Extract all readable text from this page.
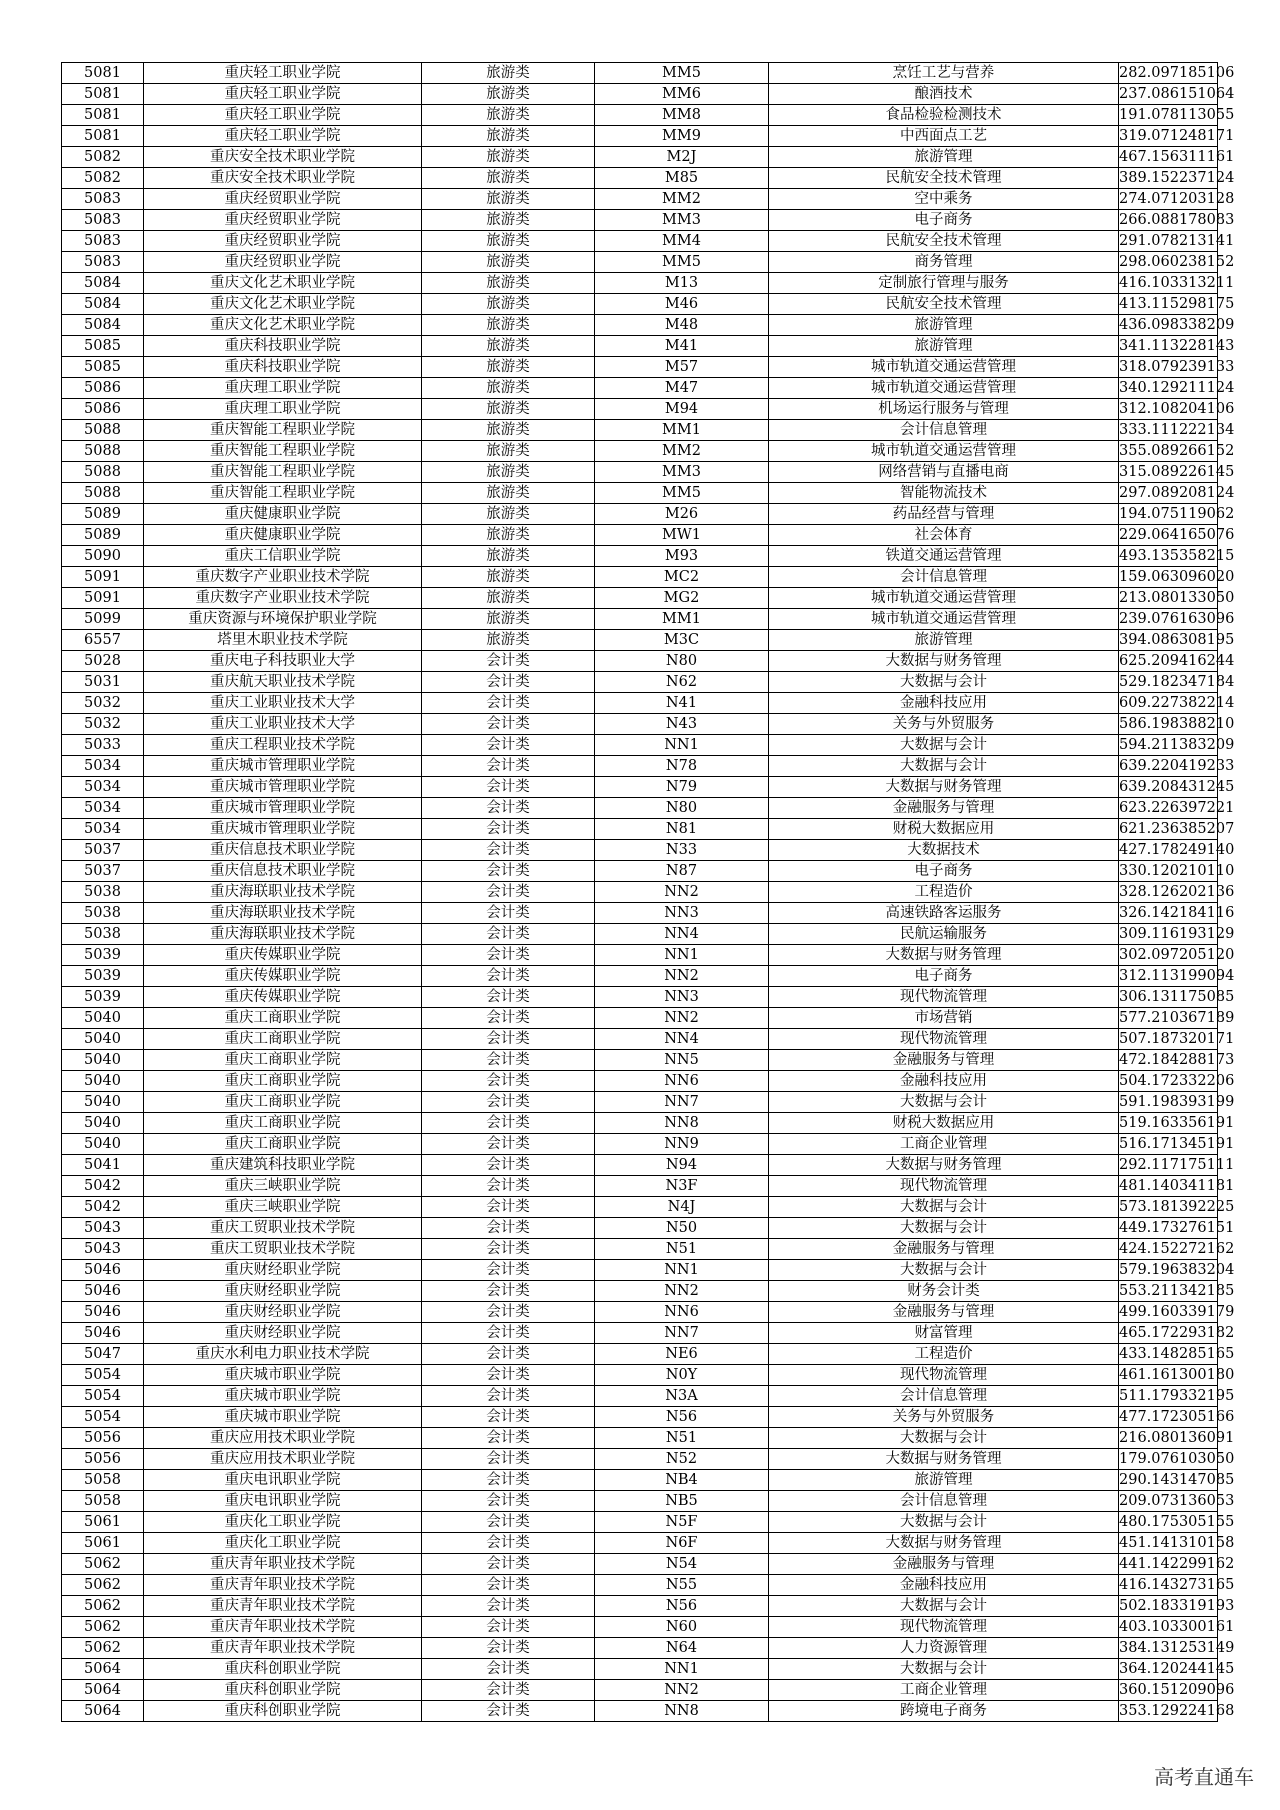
5081	重庆轻工职业学院	旅游类	MM5	烹饪工艺与营养	282.097185106
5081	重庆轻工职业学院	旅游类	MM6	酿酒技术	237.086151064
5081	重庆轻工职业学院	旅游类	MM8	食品检验检测技术	191.078113055
5081	重庆轻工职业学院	旅游类	MM9	中西面点工艺	319.071248171
5082	重庆安全技术职业学院	旅游类	M2J	旅游管理	467.156311161
5082	重庆安全技术职业学院	旅游类	M85	民航安全技术管理	389.152237124
5083	重庆经贸职业学院	旅游类	MM2	空中乘务	274.071203128
5083	重庆经贸职业学院	旅游类	MM3	电子商务	266.088178083
5083	重庆经贸职业学院	旅游类	MM4	民航安全技术管理	291.078213141
5083	重庆经贸职业学院	旅游类	MM5	商务管理	298.060238152
5084	重庆文化艺术职业学院	旅游类	M13	定制旅行管理与服务	416.103313211
5084	重庆文化艺术职业学院	旅游类	M46	民航安全技术管理	413.115298175
5084	重庆文化艺术职业学院	旅游类	M48	旅游管理	436.098338209
5085	重庆科技职业学院	旅游类	M41	旅游管理	341.113228143
5085	重庆科技职业学院	旅游类	M57	城市轨道交通运营管理	318.079239133
5086	重庆理工职业学院	旅游类	M47	城市轨道交通运营管理	340.129211124
5086	重庆理工职业学院	旅游类	M94	机场运行服务与管理	312.108204106
5088	重庆智能工程职业学院	旅游类	MM1	会计信息管理	333.111222134
5088	重庆智能工程职业学院	旅游类	MM2	城市轨道交通运营管理	355.089266152
5088	重庆智能工程职业学院	旅游类	MM3	网络营销与直播电商	315.089226145
5088	重庆智能工程职业学院	旅游类	MM5	智能物流技术	297.089208124
5089	重庆健康职业学院	旅游类	M26	药品经营与管理	194.075119062
5089	重庆健康职业学院	旅游类	MW1	社会体育	229.064165076
5090	重庆工信职业学院	旅游类	M93	铁道交通运营管理	493.135358215
5091	重庆数字产业职业技术学院	旅游类	MC2	会计信息管理	159.063096020
5091	重庆数字产业职业技术学院	旅游类	MG2	城市轨道交通运营管理	213.080133050
5099	重庆资源与环境保护职业学院	旅游类	MM1	城市轨道交通运营管理	239.076163096
6557	塔里木职业技术学院	旅游类	M3C	旅游管理	394.086308195
5028	重庆电子科技职业大学	会计类	N80	大数据与财务管理	625.209416244
5031	重庆航天职业技术学院	会计类	N62	大数据与会计	529.182347184
5032	重庆工业职业技术大学	会计类	N41	金融科技应用	609.227382214
5032	重庆工业职业技术大学	会计类	N43	关务与外贸服务	586.198388210
5033	重庆工程职业技术学院	会计类	NN1	大数据与会计	594.211383209
5034	重庆城市管理职业学院	会计类	N78	大数据与会计	639.220419233
5034	重庆城市管理职业学院	会计类	N79	大数据与财务管理	639.208431245
5034	重庆城市管理职业学院	会计类	N80	金融服务与管理	623.226397221
5034	重庆城市管理职业学院	会计类	N81	财税大数据应用	621.236385207
5037	重庆信息技术职业学院	会计类	N33	大数据技术	427.178249140
5037	重庆信息技术职业学院	会计类	N87	电子商务	330.120210110
5038	重庆海联职业技术学院	会计类	NN2	工程造价	328.126202136
5038	重庆海联职业技术学院	会计类	NN3	高速铁路客运服务	326.142184116
5038	重庆海联职业技术学院	会计类	NN4	民航运输服务	309.116193129
5039	重庆传媒职业学院	会计类	NN1	大数据与财务管理	302.097205120
5039	重庆传媒职业学院	会计类	NN2	电子商务	312.113199094
5039	重庆传媒职业学院	会计类	NN3	现代物流管理	306.131175085
5040	重庆工商职业学院	会计类	NN2	市场营销	577.210367189
5040	重庆工商职业学院	会计类	NN4	现代物流管理	507.187320171
5040	重庆工商职业学院	会计类	NN5	金融服务与管理	472.184288173
5040	重庆工商职业学院	会计类	NN6	金融科技应用	504.172332206
5040	重庆工商职业学院	会计类	NN7	大数据与会计	591.198393199
5040	重庆工商职业学院	会计类	NN8	财税大数据应用	519.163356191
5040	重庆工商职业学院	会计类	NN9	工商企业管理	516.171345191
5041	重庆建筑科技职业学院	会计类	N94	大数据与财务管理	292.117175111
5042	重庆三峡职业学院	会计类	N3F	现代物流管理	481.140341181
5042	重庆三峡职业学院	会计类	N4J	大数据与会计	573.181392225
5043	重庆工贸职业技术学院	会计类	N50	大数据与会计	449.173276151
5043	重庆工贸职业技术学院	会计类	N51	金融服务与管理	424.152272162
5046	重庆财经职业学院	会计类	NN1	大数据与会计	579.196383204
5046	重庆财经职业学院	会计类	NN2	财务会计类	553.211342185
5046	重庆财经职业学院	会计类	NN6	金融服务与管理	499.160339179
5046	重庆财经职业学院	会计类	NN7	财富管理	465.172293182
5047	重庆水利电力职业技术学院	会计类	NE6	工程造价	433.148285165
5054	重庆城市职业学院	会计类	N0Y	现代物流管理	461.161300180
5054	重庆城市职业学院	会计类	N3A	会计信息管理	511.179332195
5054	重庆城市职业学院	会计类	N56	关务与外贸服务	477.172305166
5056	重庆应用技术职业学院	会计类	N51	大数据与会计	216.080136091
5056	重庆应用技术职业学院	会计类	N52	大数据与财务管理	179.076103050
5058	重庆电讯职业学院	会计类	NB4	旅游管理	290.143147085
5058	重庆电讯职业学院	会计类	NB5	会计信息管理	209.073136053
5061	重庆化工职业学院	会计类	N5F	大数据与会计	480.175305155
5061	重庆化工职业学院	会计类	N6F	大数据与财务管理	451.141310158
5062	重庆青年职业技术学院	会计类	N54	金融服务与管理	441.142299162
5062	重庆青年职业技术学院	会计类	N55	金融科技应用	416.143273165
5062	重庆青年职业技术学院	会计类	N56	大数据与会计	502.183319193
5062	重庆青年职业技术学院	会计类	N60	现代物流管理	403.103300161
5062	重庆青年职业技术学院	会计类	N64	人力资源管理	384.131253149
5064	重庆科创职业学院	会计类	NN1	大数据与会计	364.120244145
5064	重庆科创职业学院	会计类	NN2	工商企业管理	360.151209096
5064	重庆科创职业学院	会计类	NN8	跨境电子商务	353.129224168
高考直通车
